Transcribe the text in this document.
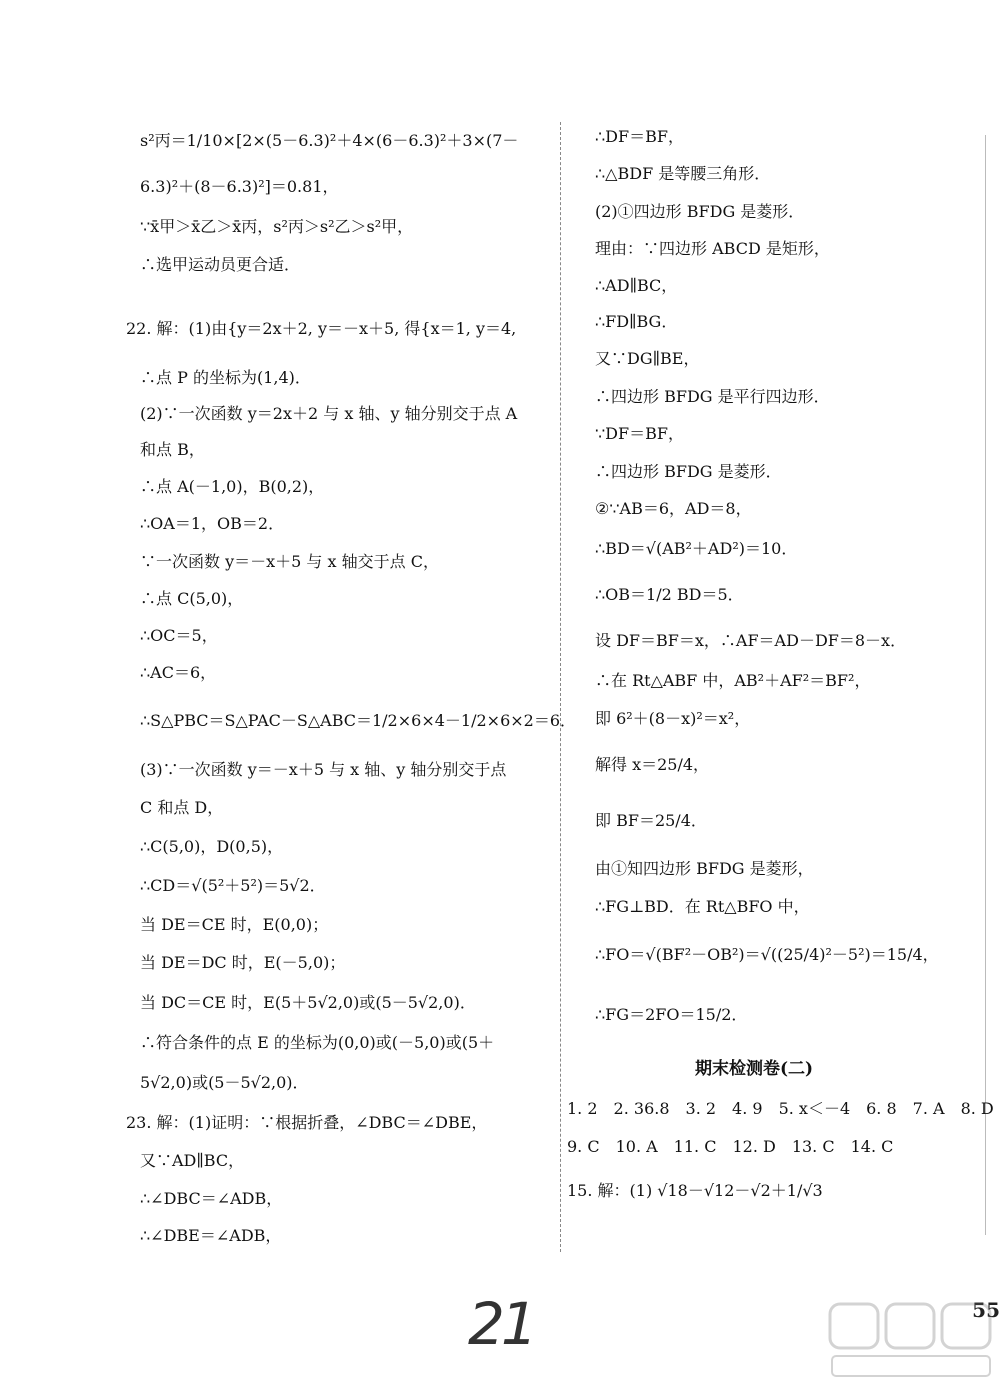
s²丙＝1/10×[2×(5－6.3)²＋4×(6－6.3)²＋3×(7－
6.3)²＋(8－6.3)²]＝0.81，
∵x̄甲＞x̄乙＞x̄丙，s²丙＞s²乙＞s²甲，
∴选甲运动员更合适．
22. 解：(1)由{y＝2x＋2, y＝－x＋5, 得{x＝1, y＝4,
∴点 P 的坐标为(1,4)．
(2)∵一次函数 y＝2x＋2 与 x 轴、y 轴分别交于点 A
和点 B，
∴点 A(－1,0)，B(0,2)，
∴OA＝1，OB＝2．
∵一次函数 y＝－x＋5 与 x 轴交于点 C，
∴点 C(5,0)，
∴OC＝5，
∴AC＝6，
∴S△PBC＝S△PAC－S△ABC＝1/2×6×4－1/2×6×2＝6．
(3)∵一次函数 y＝－x＋5 与 x 轴、y 轴分别交于点
C 和点 D，
∴C(5,0)，D(0,5)，
∴CD＝√(5²＋5²)＝5√2．
当 DE＝CE 时，E(0,0)；
当 DE＝DC 时，E(－5,0)；
当 DC＝CE 时，E(5＋5√2,0)或(5－5√2,0)．
∴符合条件的点 E 的坐标为(0,0)或(－5,0)或(5＋
5√2,0)或(5－5√2,0)．
23. 解：(1)证明：∵根据折叠，∠DBC＝∠DBE，
又∵AD∥BC，
∴∠DBC＝∠ADB，
∴∠DBE＝∠ADB，
∴DF＝BF，
∴△BDF 是等腰三角形．
(2)①四边形 BFDG 是菱形．
理由：∵四边形 ABCD 是矩形，
∴AD∥BC，
∴FD∥BG．
又∵DG∥BE，
∴四边形 BFDG 是平行四边形．
∵DF＝BF，
∴四边形 BFDG 是菱形．
②∵AB＝6，AD＝8，
∴BD＝√(AB²＋AD²)＝10．
∴OB＝1/2 BD＝5．
设 DF＝BF＝x，∴AF＝AD－DF＝8－x．
∴在 Rt△ABF 中，AB²＋AF²＝BF²，
即 6²＋(8－x)²＝x²，
解得 x＝25/4，
即 BF＝25/4．
由①知四边形 BFDG 是菱形，
∴FG⊥BD．在 Rt△BFO 中，
∴FO＝√(BF²－OB²)＝√((25/4)²－5²)＝15/4，
∴FG＝2FO＝15/2．
期末检测卷(二)
1. 2　2. 36.8　3. 2　4. 9　5. x＜－4　6. 8　7. A　8. D
9. C　10. A　11. C　12. D　13. C　14. C
15. 解：(1) √18－√12－√2＋1/√3
21	55
